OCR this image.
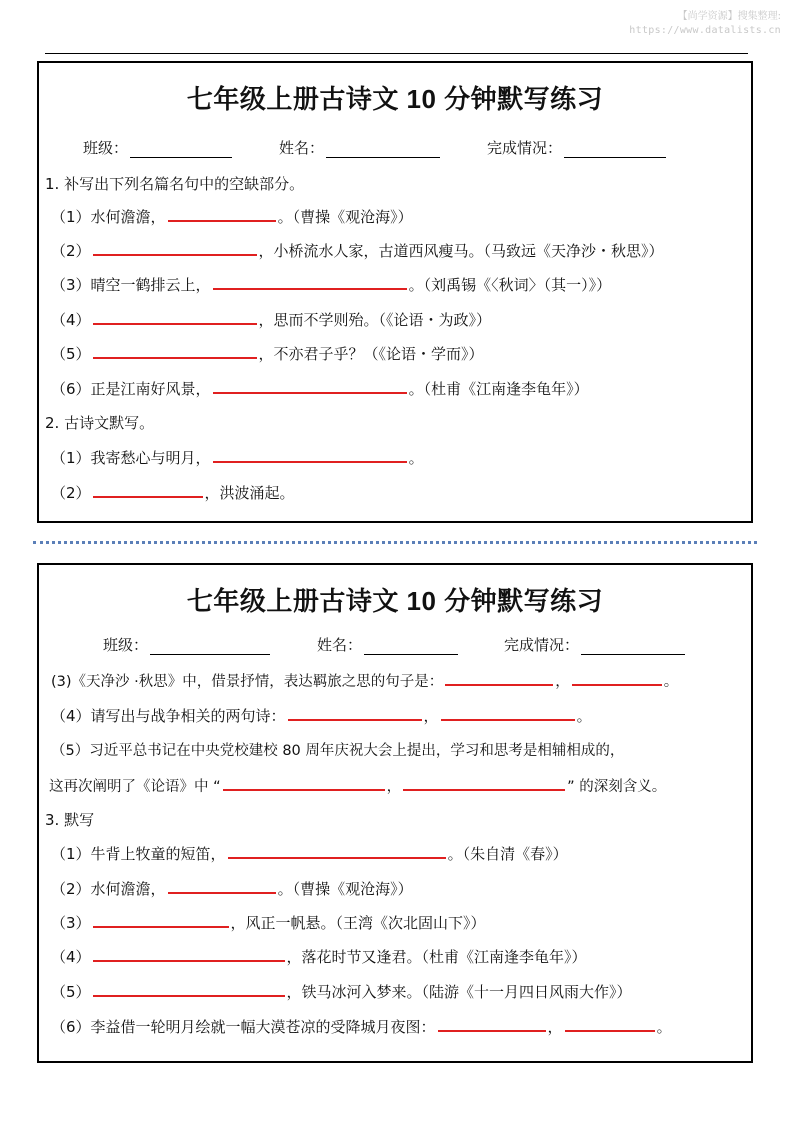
【尚学资源】搜集整理:
https://www.datalists.cn
七年级上册古诗文 10 分钟默写练习
班级：	姓名：	完成情况：
1. 补写出下列名篇名句中的空缺部分。
（1）水何澹澹，	。（曹操《观沧海》）
（2）	，小桥流水人家，古道西风瘦马。（马致远《天净沙・秋思》）
（3）晴空一鹤排云上，	。（刘禹锡《〈秋词〉（其一）》）
（4）	，思而不学则殆。（《论语・为政》）
（5）	，不亦君子乎？（《论语・学而》）
（6）正是江南好风景，	。（杜甫《江南逢李龟年》）
2. 古诗文默写。
（1）我寄愁心与明月，	。
（2）	，洪波涌起。
七年级上册古诗文 10 分钟默写练习
班级：	姓名：	完成情况：
(3)《天净沙 ·秋思》中，借景抒情，表达羁旅之思的句子是：	，	。
（4）请写出与战争相关的两句诗：	，	。
（5）习近平总书记在中央党校建校 80 周年庆祝大会上提出，学习和思考是相辅相成的，
这再次阐明了《论语》中 “	，	” 的深刻含义。
3. 默写
（1）牛背上牧童的短笛，	。（朱自清《春》）
（2）水何澹澹，	。（曹操《观沧海》）
（3）	，风正一帆悬。（王湾《次北固山下》）
（4）	，落花时节又逢君。（杜甫《江南逢李龟年》）
（5）	，铁马冰河入梦来。（陆游《十一月四日风雨大作》）
（6）李益借一轮明月绘就一幅大漠苍凉的受降城月夜图：	，	。
